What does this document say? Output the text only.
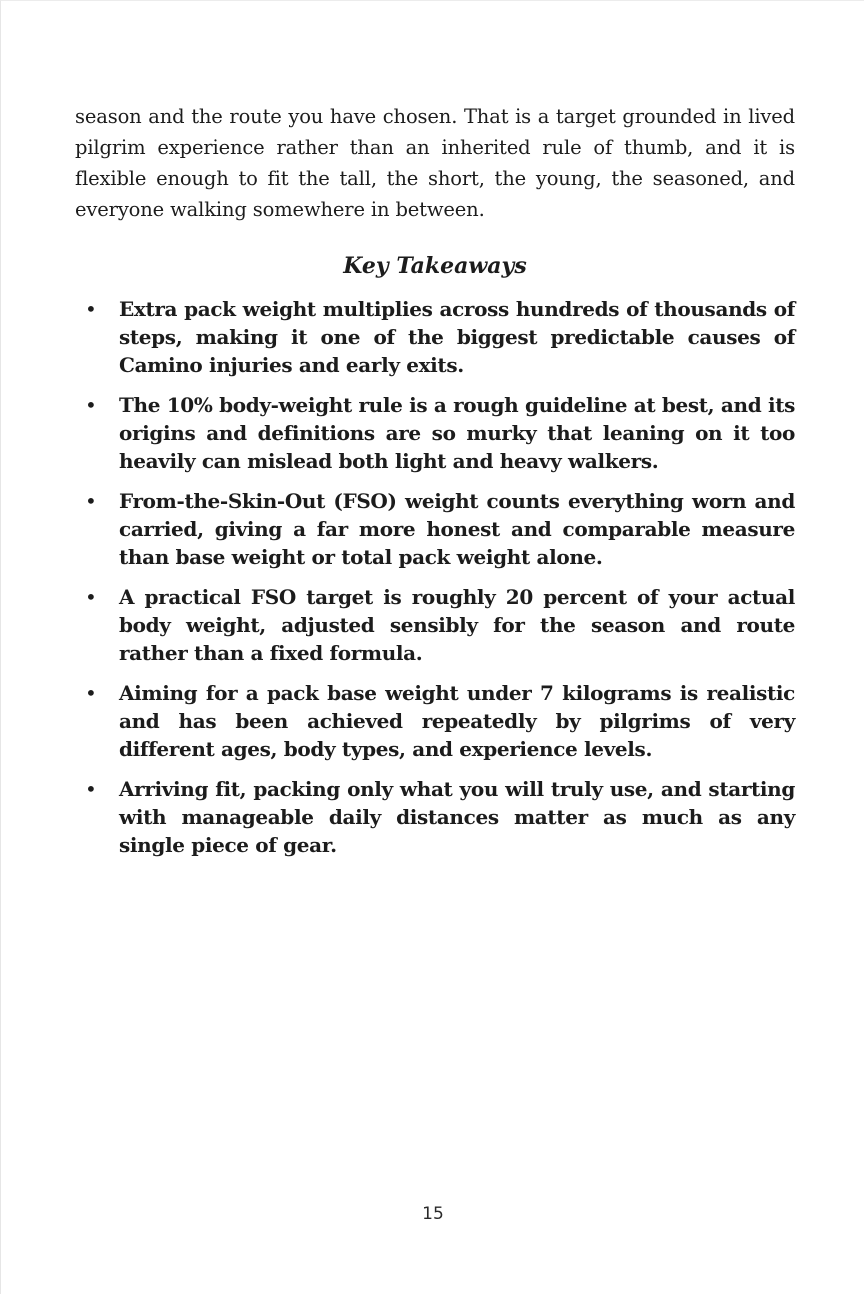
season and the route you have chosen. That is a target grounded in lived pilgrim experience rather than an inherited rule of thumb, and it is flexible enough to fit the tall, the short, the young, the seasoned, and everyone walking somewhere in between.

Key Takeaways
• Extra pack weight multiplies across hundreds of thousands of steps, making it one of the biggest predictable causes of Camino injuries and early exits.
• The 10% body-weight rule is a rough guideline at best, and its origins and definitions are so murky that leaning on it too heavily can mislead both light and heavy walkers.
• From-the-Skin-Out (FSO) weight counts everything worn and carried, giving a far more honest and comparable measure than base weight or total pack weight alone.
• A practical FSO target is roughly 20 percent of your actual body weight, adjusted sensibly for the season and route rather than a fixed formula.
• Aiming for a pack base weight under 7 kilograms is realistic and has been achieved repeatedly by pilgrims of very different ages, body types, and experience levels.
• Arriving fit, packing only what you will truly use, and starting with manageable daily distances matter as much as any single piece of gear.
15
